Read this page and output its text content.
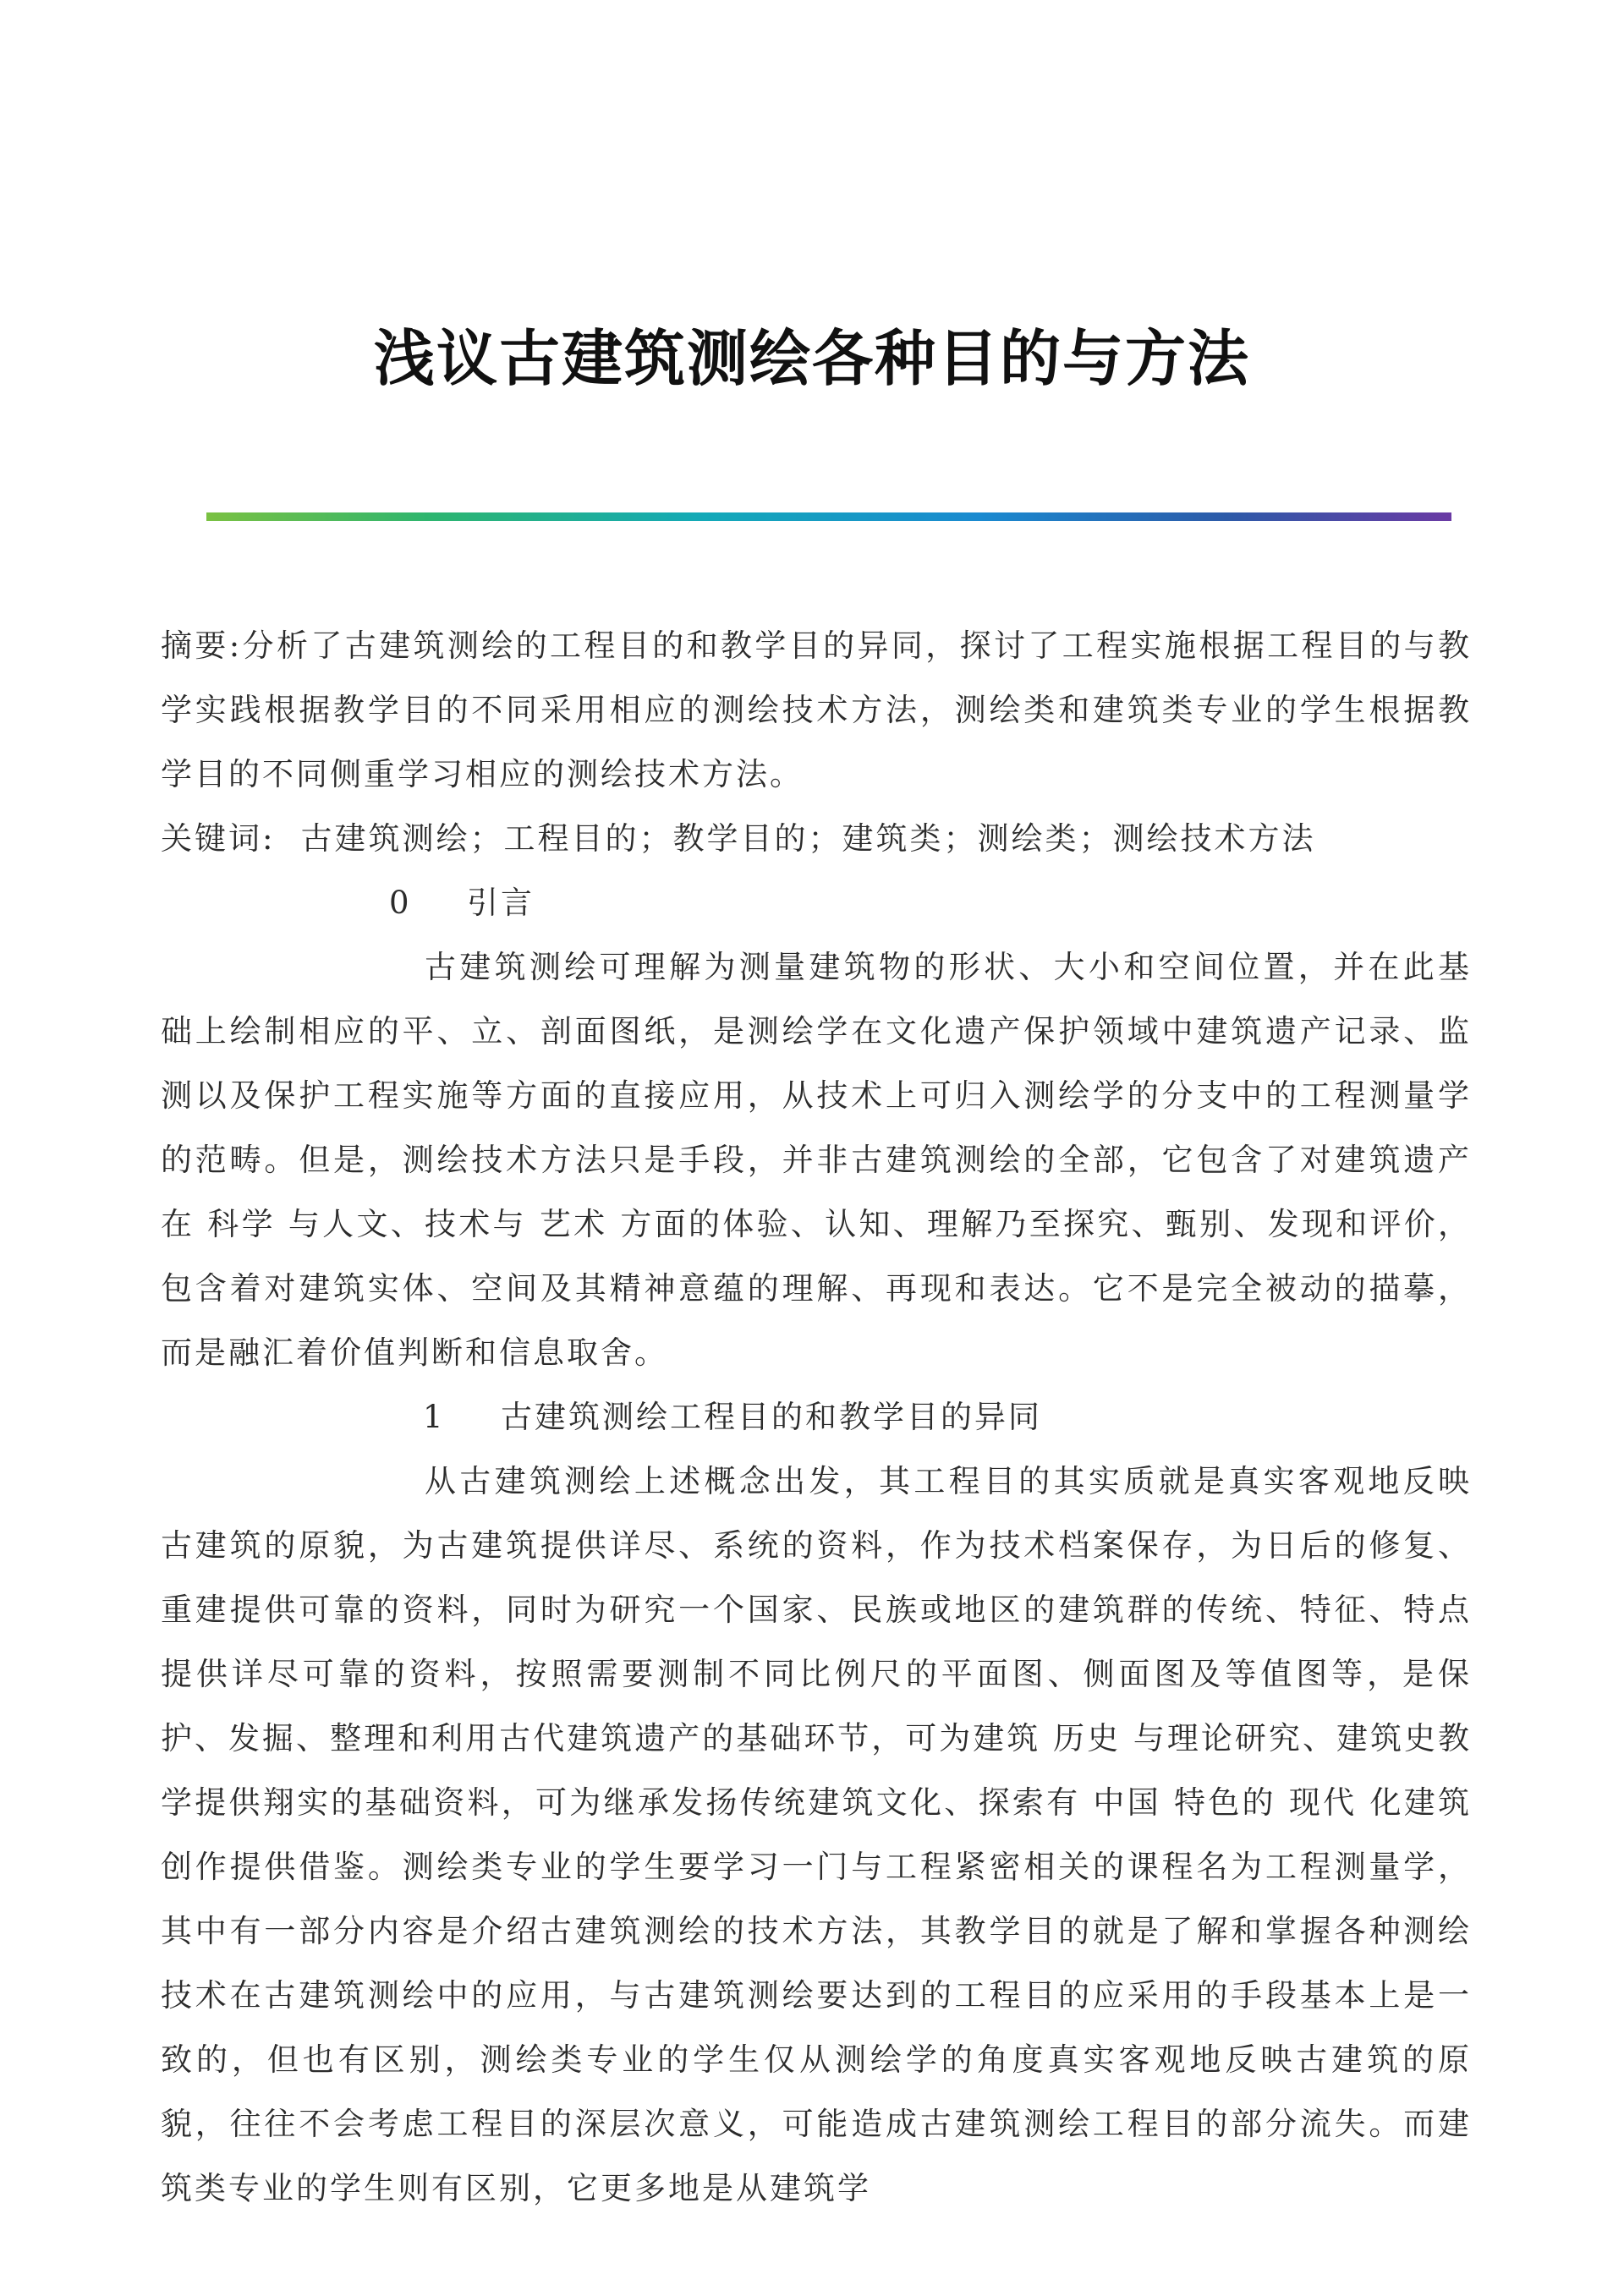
浅议古建筑测绘各种目的与方法

摘要:分析了古建筑测绘的工程目的和教学目的异同，探讨了工程实施根据工程目的与教学实践根据教学目的不同采用相应的测绘技术方法，测绘类和建筑类专业的学生根据教学目的不同侧重学习相应的测绘技术方法。

关键词: 古建筑测绘；工程目的；教学目的；建筑类；测绘类；测绘技术方法

0 引言

古建筑测绘可理解为测量建筑物的形状、大小和空间位置，并在此基础上绘制相应的平、立、剖面图纸，是测绘学在文化遗产保护领域中建筑遗产记录、监测以及保护工程实施等方面的直接应用，从技术上可归入测绘学的分支中的工程测量学的范畴。但是，测绘技术方法只是手段，并非古建筑测绘的全部，它包含了对建筑遗产在 科学 与人文、技术与 艺术 方面的体验、认知、理解乃至探究、甄别、发现和评价，包含着对建筑实体、空间及其精神意蕴的理解、再现和表达。它不是完全被动的描摹，而是融汇着价值判断和信息取舍。

1 古建筑测绘工程目的和教学目的异同

从古建筑测绘上述概念出发，其工程目的其实质就是真实客观地反映古建筑的原貌，为古建筑提供详尽、系统的资料，作为技术档案保存，为日后的修复、重建提供可靠的资料，同时为研究一个国家、民族或地区的建筑群的传统、特征、特点提供详尽可靠的资料，按照需要测制不同比例尺的平面图、侧面图及等值图等，是保护、发掘、整理和利用古代建筑遗产的基础环节，可为建筑 历史 与理论研究、建筑史教学提供翔实的基础资料，可为继承发扬传统建筑文化、探索有 中国 特色的 现代 化建筑创作提供借鉴。测绘类专业的学生要学习一门与工程紧密相关的课程名为工程测量学，其中有一部分内容是介绍古建筑测绘的技术方法，其教学目的就是了解和掌握各种测绘技术在古建筑测绘中的应用，与古建筑测绘要达到的工程目的应采用的手段基本上是一致的，但也有区别，测绘类专业的学生仅从测绘学的角度真实客观地反映古建筑的原貌，往往不会考虑工程目的深层次意义，可能造成古建筑测绘工程目的部分流失。而建筑类专业的学生则有区别，它更多地是从建筑学
